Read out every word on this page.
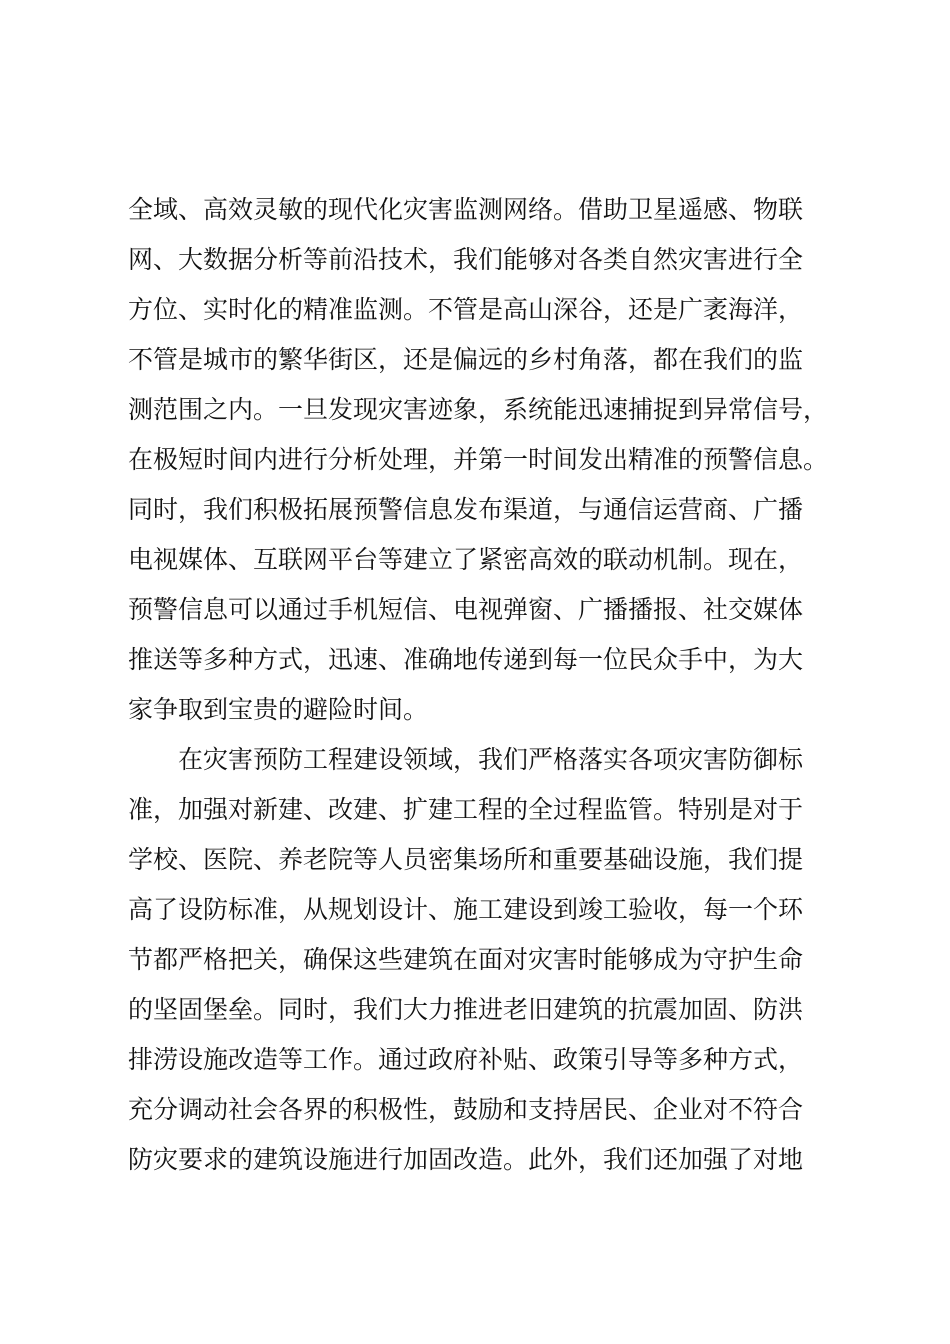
全域、高效灵敏的现代化灾害监测网络。借助卫星遥感、物联
网、大数据分析等前沿技术，我们能够对各类自然灾害进行全
方位、实时化的精准监测。不管是高山深谷，还是广袤海洋，
不管是城市的繁华街区，还是偏远的乡村角落，都在我们的监
测范围之内。一旦发现灾害迹象，系统能迅速捕捉到异常信号，
在极短时间内进行分析处理，并第一时间发出精准的预警信息。
同时，我们积极拓展预警信息发布渠道，与通信运营商、广播
电视媒体、互联网平台等建立了紧密高效的联动机制。现在，
预警信息可以通过手机短信、电视弹窗、广播播报、社交媒体
推送等多种方式，迅速、准确地传递到每一位民众手中，为大
家争取到宝贵的避险时间。
在灾害预防工程建设领域，我们严格落实各项灾害防御标
准，加强对新建、改建、扩建工程的全过程监管。特别是对于
学校、医院、养老院等人员密集场所和重要基础设施，我们提
高了设防标准，从规划设计、施工建设到竣工验收，每一个环
节都严格把关，确保这些建筑在面对灾害时能够成为守护生命
的坚固堡垒。同时，我们大力推进老旧建筑的抗震加固、防洪
排涝设施改造等工作。通过政府补贴、政策引导等多种方式，
充分调动社会各界的积极性，鼓励和支持居民、企业对不符合
防灾要求的建筑设施进行加固改造。此外，我们还加强了对地
